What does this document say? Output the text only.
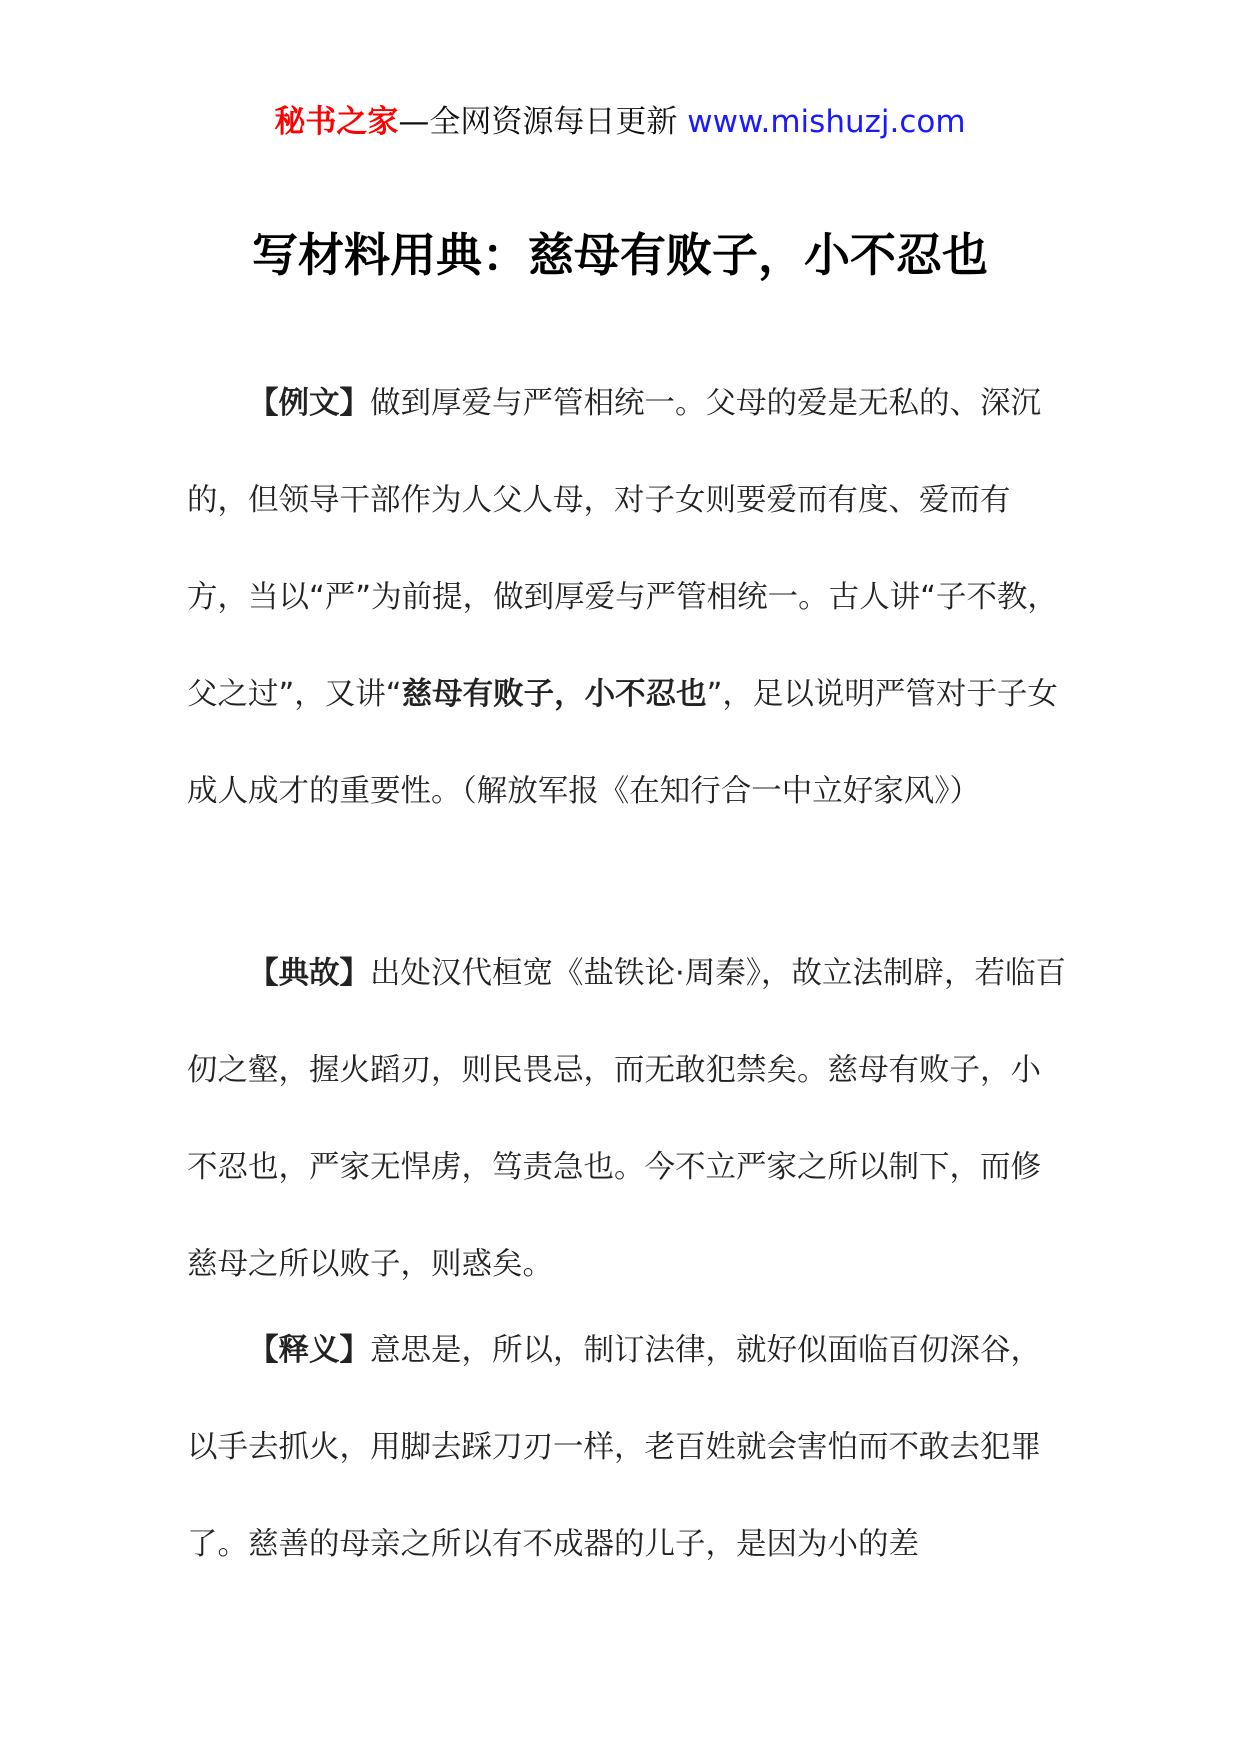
秘书之家—全网资源每日更新 www.mishuzj.com
写材料用典：慈母有败子，小不忍也

【例文】做到厚爱与严管相统一。父母的爱是无私的、深沉的，但领导干部作为人父人母，对子女则要爱而有度、爱而有方，当以“严”为前提，做到厚爱与严管相统一。古人讲“子不教，父之过”，又讲“慈母有败子，小不忍也”，足以说明严管对于子女成人成才的重要性。（解放军报《在知行合一中立好家风》）

【典故】出处汉代桓宽《盐铁论·周秦》，故立法制辟，若临百仞之壑，握火蹈刃，则民畏忌，而无敢犯禁矣。慈母有败子，小不忍也，严家无悍虏，笃责急也。今不立严家之所以制下，而修慈母之所以败子，则惑矣。

【释义】意思是，所以，制订法律，就好似面临百仞深谷，以手去抓火，用脚去踩刀刃一样，老百姓就会害怕而不敢去犯罪了。慈善的母亲之所以有不成器的儿子，是因为小的差
